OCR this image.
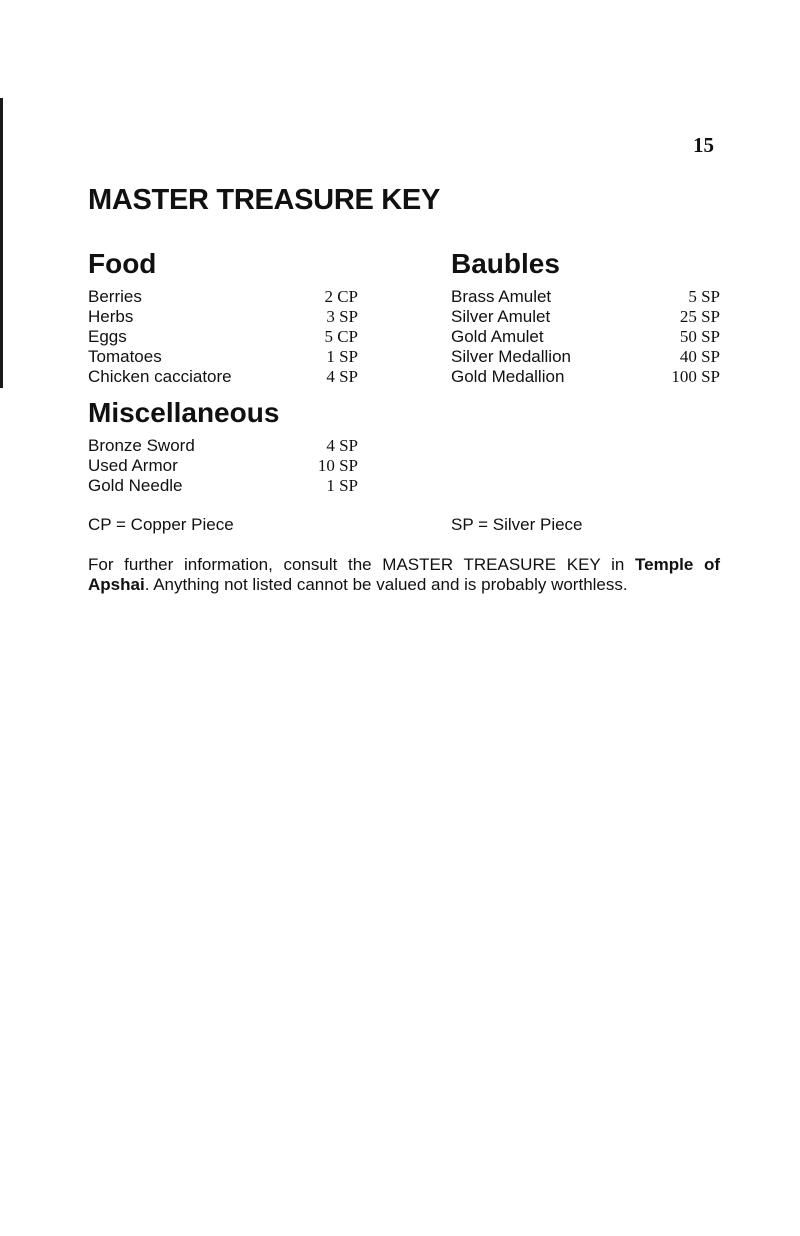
15
MASTER TREASURE KEY
Food
Berries	2 CP
Herbs	3 SP
Eggs	5 CP
Tomatoes	1 SP
Chicken cacciatore	4 SP
Miscellaneous
Bronze Sword	4 SP
Used Armor	10 SP
Gold Needle	1 SP
Baubles
Brass Amulet	5 SP
Silver Amulet	25 SP
Gold Amulet	50 SP
Silver Medallion	40 SP
Gold Medallion	100 SP
CP = Copper Piece	SP = Silver Piece

For further information, consult the MASTER TREASURE KEY in Temple of Apshai. Anything not listed cannot be valued and is probably worthless.
